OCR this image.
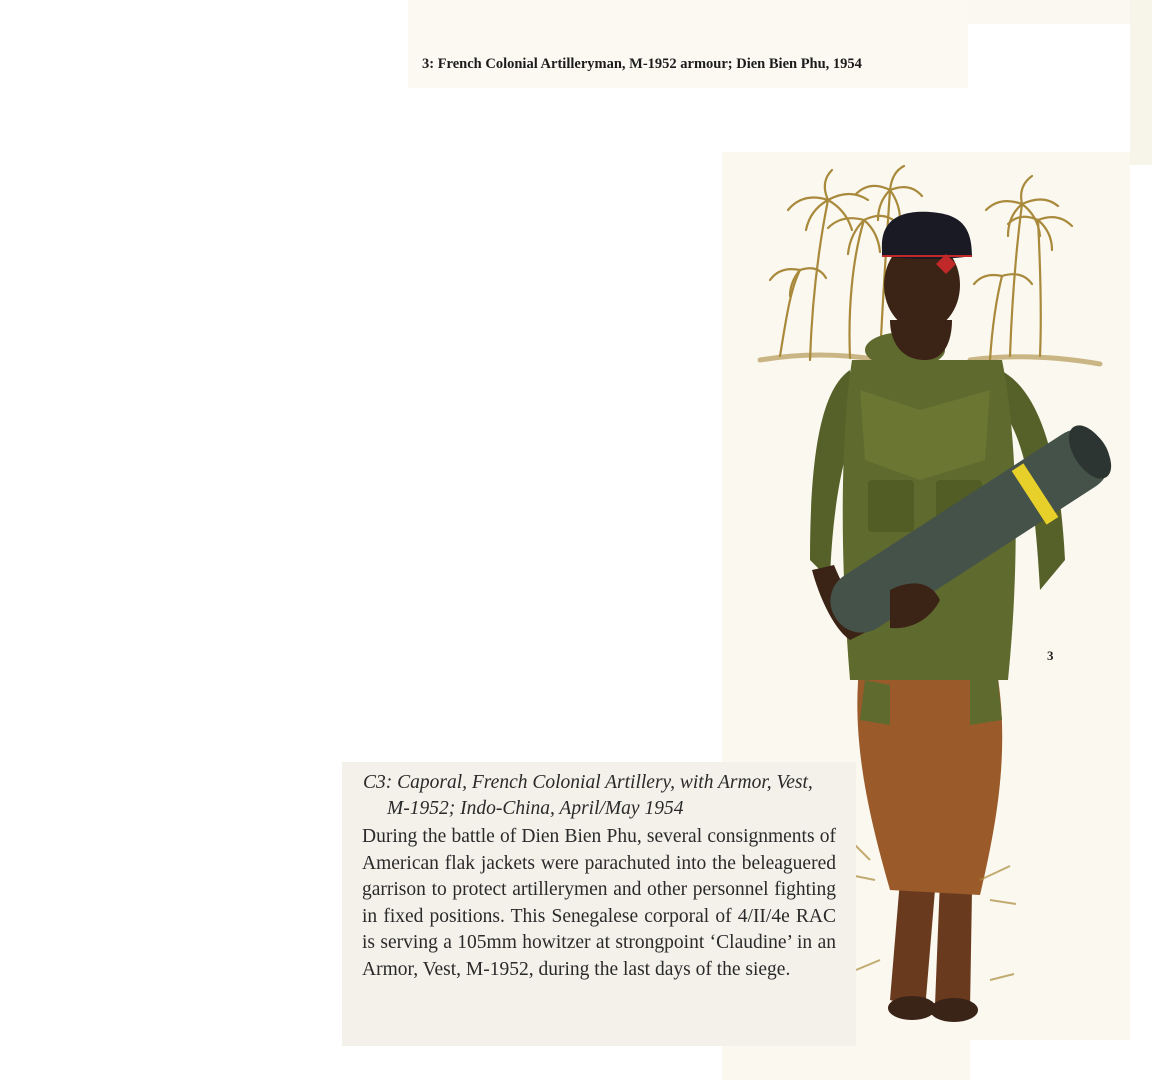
3: French Colonial Artilleryman, M-1952 armour; Dien Bien Phu, 1954
3
C3: Caporal, French Colonial Artillery, with Armor, Vest,
M-1952; Indo-China, April/May 1954
During the battle of Dien Bien Phu, several consignments of American flak jackets were parachuted into the beleaguered garrison to protect artillerymen and other personnel fighting in fixed positions. This Senegalese corporal of 4/II/4e RAC is serving a 105mm howitzer at strongpoint ‘Claudine’ in an Armor, Vest, M-1952, during the last days of the siege.
